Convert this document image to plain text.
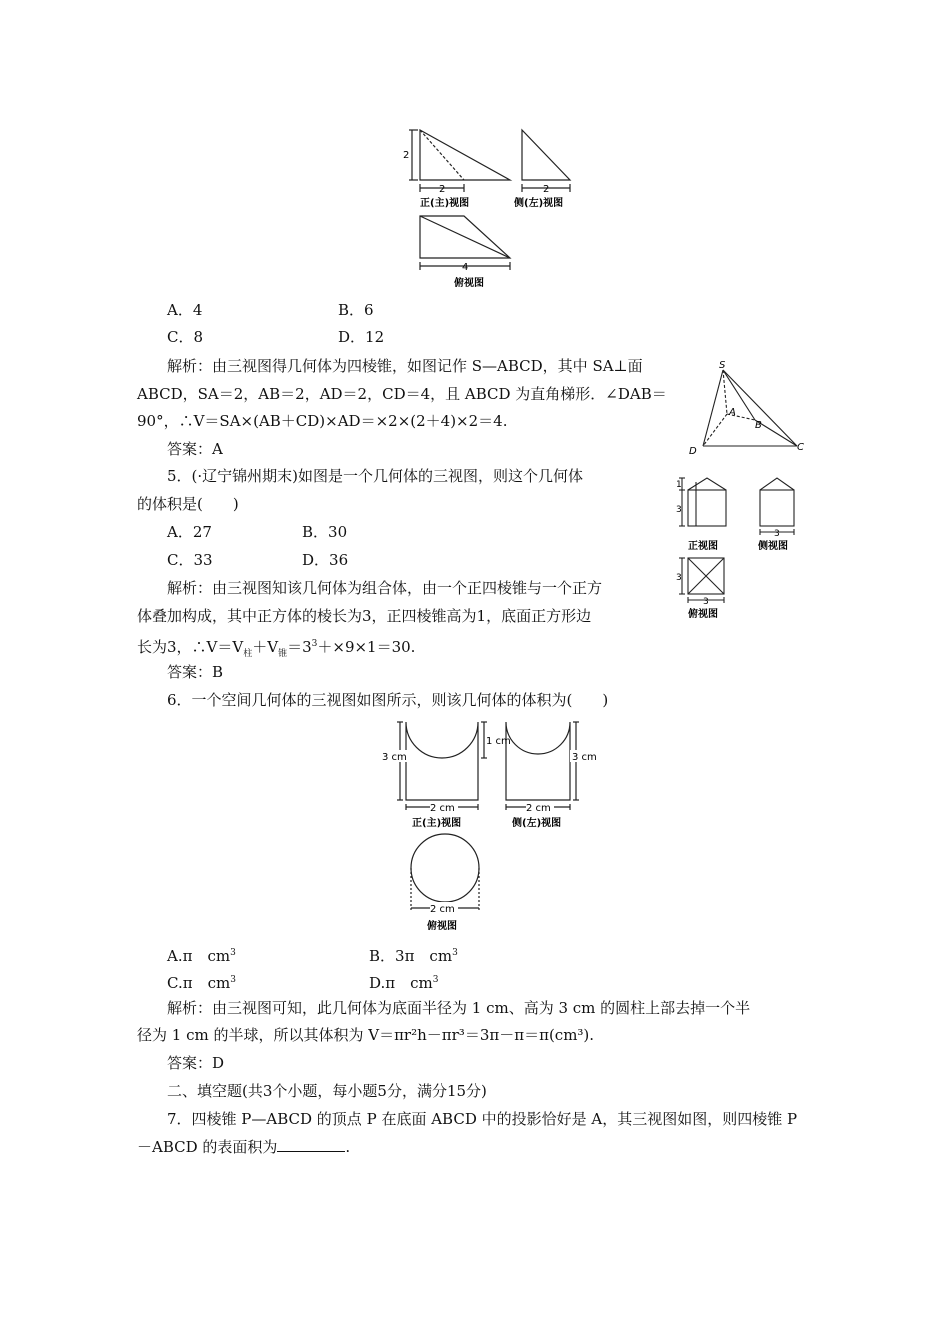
2
2	2
4
正(主)视图	侧(左)视图
俯视图
A．4	B．6
C．8	D．12
解析：由三视图得几何体为四棱锥，如图记作 S—ABCD，其中 SA⊥面
ABCD，SA＝2，AB＝2，AD＝2，CD＝4，且 ABCD 为直角梯形．∠DAB＝
90°，∴V＝SA×(AB＋CD)×AD＝×2×(2＋4)×2＝4.
答案：A
S
A
B
C
D
5．(·辽宁锦州期末)如图是一个几何体的三视图，则这个几何体
的体积是(　　)
A．27	B．30
C．33	D．36
解析：由三视图知该几何体为组合体，由一个正四棱锥与一个正方
体叠加构成，其中正方体的棱长为3，正四棱锥高为1，底面正方形边
长为3，$\therefore V=V_柱+V_锥=3^3+\times 9\times 1=30$.
答案：B
1
3
3
3
3
正视图	侧视图
俯视图
6．一个空间几何体的三视图如图所示，则该几何体的体积为(　　)
3 cm
1 cm
3 cm
2 cm	2 cm
2 cm
正(主)视图	侧(左)视图
俯视图
A.π　$cm^3$	B．3π　$cm^3$
C.π　$cm^3$	D.π　$cm^3$
解析：由三视图可知，此几何体为底面半径为 1 cm、高为 3 cm 的圆柱上部去掉一个半
径为 1 cm 的半球，所以其体积为 V＝πr²h－πr³＝3π－π＝π(cm³).
答案：D
二、填空题(共3个小题，每小题5分，满分15分)
7．四棱锥 P—ABCD 的顶点 P 在底面 ABCD 中的投影恰好是 A，其三视图如图，则四棱锥 P
－ABCD 的表面积为	.
